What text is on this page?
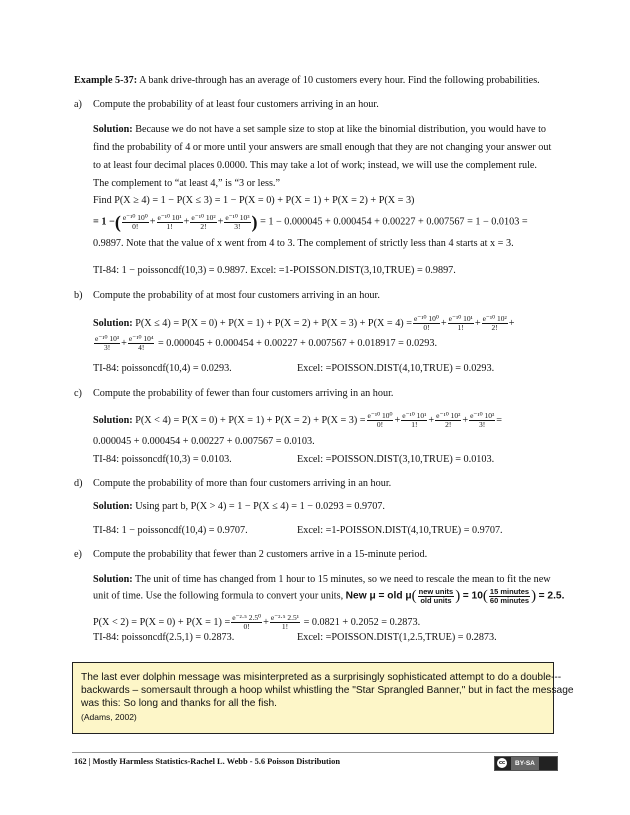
Example 5-37: A bank drive-through has an average of 10 customers every hour. Find the following probabilities.
a) Compute the probability of at least four customers arriving in an hour.
Solution: Because we do not have a set sample size to stop at like the binomial distribution, you would have to
find the probability of 4 or more until your answers are small enough that they are not changing your answer out
to at least four decimal places 0.0000. This may take a lot of work; instead, we will use the complement rule.
The complement to “at least 4,” is “3 or less.”
Find P(X ≥ 4) = 1 − P(X ≤ 3) = 1 − P(X = 0) + P(X = 1) + P(X = 2) + P(X = 3)
= 1 −( $\frac{\text{e⁻¹⁰ 10⁰}}{0!} + \frac{\text{e⁻¹⁰ 10¹}}{1!} + \frac{\text{e⁻¹⁰ 10²}}{2!} + \frac{\text{e⁻¹⁰ 10³}}{3!}$ ) = 1 − 0.000045 + 0.000454 + 0.00227 + 0.007567 = 1 − 0.0103 =
0.9897. Note that the value of x went from 4 to 3. The complement of strictly less than 4 starts at x = 3.
TI-84: 1 − poissoncdf(10,3) = 0.9897. Excel: =1-POISSON.DIST(3,10,TRUE) = 0.9897.
b) Compute the probability of at most four customers arriving in an hour.
Solution: $P(X \le 4) = P(X = 0) + P(X = 1) + P(X = 2) + P(X = 3) + P(X = 4) = \frac{\text{e⁻¹⁰ 10⁰}}{0!} + \frac{\text{e⁻¹⁰ 10¹}}{1!} + \frac{\text{e⁻¹⁰ 10²}}{2!}$ +
$\frac{\text{e⁻¹⁰ 10³}}{3!} + \frac{\text{e⁻¹⁰ 10⁴}}{4!} = 0.000045 + 0.000454 + 0.00227 + 0.007567 + 0.018917 = 0.0293$.
TI-84: poissoncdf(10,4) = 0.0293.	Excel: =POISSON.DIST(4,10,TRUE) = 0.0293.
c) Compute the probability of fewer than four customers arriving in an hour.
Solution: $P(X < 4) = P(X = 0) + P(X = 1) + P(X = 2) + P(X = 3) = \frac{\text{e⁻¹⁰ 10⁰}}{0!} + \frac{\text{e⁻¹⁰ 10¹}}{1!} + \frac{\text{e⁻¹⁰ 10²}}{2!} + \frac{\text{e⁻¹⁰ 10³}}{3!}$ =
0.000045 + 0.000454 + 0.00227 + 0.007567 = 0.0103.
TI-84: poissoncdf(10,3) = 0.0103.	Excel: =POISSON.DIST(3,10,TRUE) = 0.0103.
d) Compute the probability of more than four customers arriving in an hour.
Solution: Using part b, P(X > 4) = 1 − P(X ≤ 4) = 1 − 0.0293 = 0.9707.
TI-84: 1 − poissoncdf(10,4) = 0.9707.	Excel: =1-POISSON.DIST(4,10,TRUE) = 0.9707.
e) Compute the probability that fewer than 2 customers arrive in a 15-minute period.
Solution: The unit of time has changed from 1 hour to 15 minutes, so we need to rescale the mean to fit the new
unit of time. Use the following formula to convert your units, New μ = old $\mu( \frac{\text{new units}}{\text{old units}}$ ) = $10( \frac{\text{15 minutes}}{\text{60 minutes}}$ ) = 2.5.
$P(X < 2) = P(X = 0) + P(X = 1) = \frac{\text{e⁻²·⁵ 2.5⁰}}{0!} + \frac{\text{e⁻²·⁵ 2.5¹}}{1!} = 0.0821 + 0.2052 = 0.2873$.
TI-84: poissoncdf(2.5,1) = 0.2873.	Excel: =POISSON.DIST(1,2.5,TRUE) = 0.2873.
The last ever dolphin message was misinterpreted as a surprisingly sophisticated attempt to do a double---
backwards – somersault through a hoop whilst whistling the "Star Sprangled Banner," but in fact the message
was this: So long and thanks for all the fish.
(Adams, 2002)
162 | Mostly Harmless Statistics-Rachel L. Webb - 5.6 Poisson Distribution	cc	BY-SA
